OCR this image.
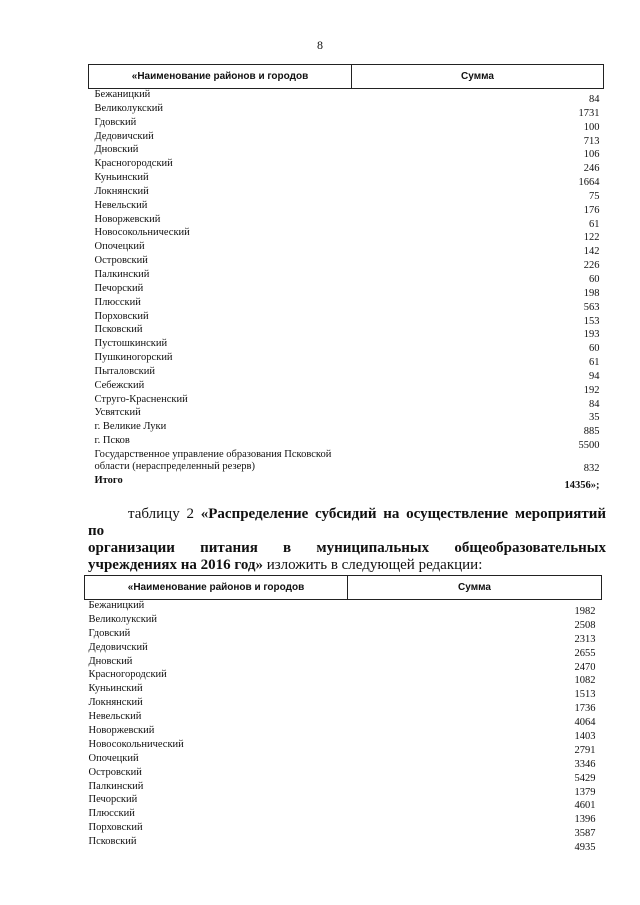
8
«Наименование районов и городов	Сумма
Бежаницкий	84
Великолукский	1731
Гдовский	100
Дедовичский	713
Дновский	106
Красногородский	246
Куньинский	1664
Локнянский	75
Невельский	176
Новоржевский	61
Новосокольнический	122
Опочецкий	142
Островский	226
Палкинский	60
Печорский	198
Плюсский	563
Порховский	153
Псковский	193
Пустошкинский	60
Пушкиногорский	61
Пыталовский	94
Себежский	192
Струго-Красненский	84
Усвятский	35
г. Великие Луки	885
г. Псков	5500
Государственное управление образования Псковской
области (нераспределенный резерв)	832
Итого	14356»;
таблицу 2 «Распределение субсидий на осуществление мероприятий по
организации питания в муниципальных общеобразовательных
учреждениях на 2016 год» изложить в следующей редакции:
«Наименование районов и городов	Сумма
Бежаницкий	1982
Великолукский	2508
Гдовский	2313
Дедовичский	2655
Дновский	2470
Красногородский	1082
Куньинский	1513
Локнянский	1736
Невельский	4064
Новоржевский	1403
Новосокольнический	2791
Опочецкий	3346
Островский	5429
Палкинский	1379
Печорский	4601
Плюсский	1396
Порховский	3587
Псковский	4935
